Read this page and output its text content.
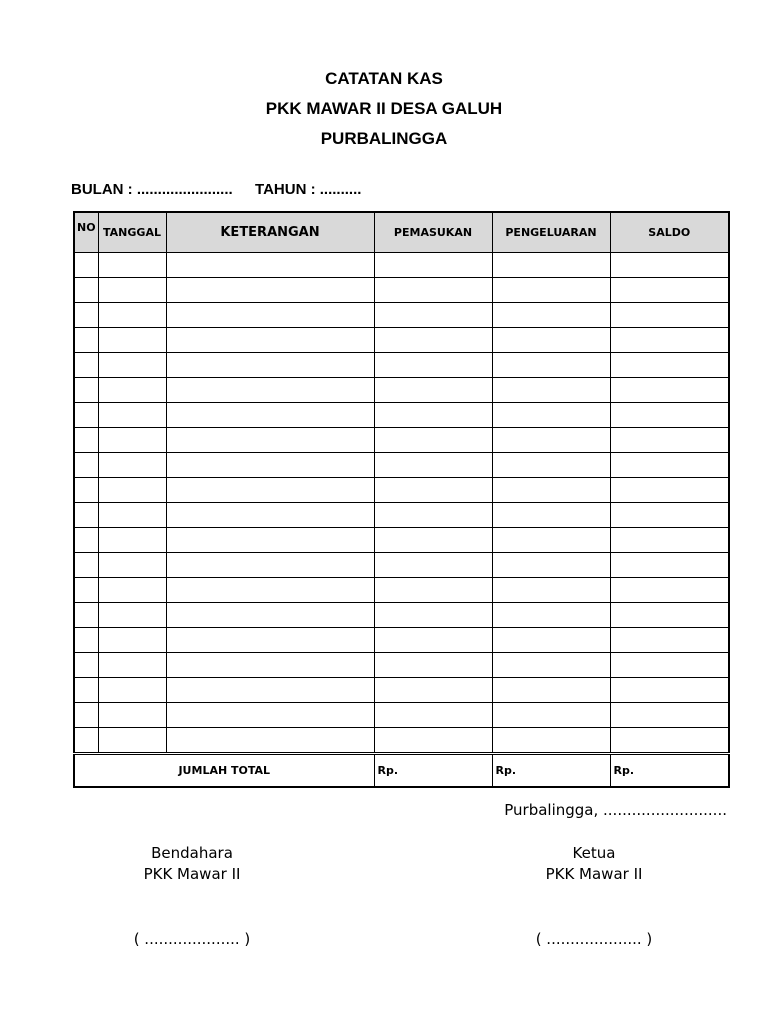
CATATAN KAS
PKK MAWAR II DESA GALUH
PURBALINGGA
BULAN : ....................... TAHUN : ..........
NO	TANGGAL	KETERANGAN	PEMASUKAN	PENGELUARAN	SALDO

JUMLAH TOTAL			Rp.	Rp.	Rp.
Purbalingga, ..........................
Bendahara
PKK Mawar II
( .................... )
Ketua
PKK Mawar II
( .................... )
